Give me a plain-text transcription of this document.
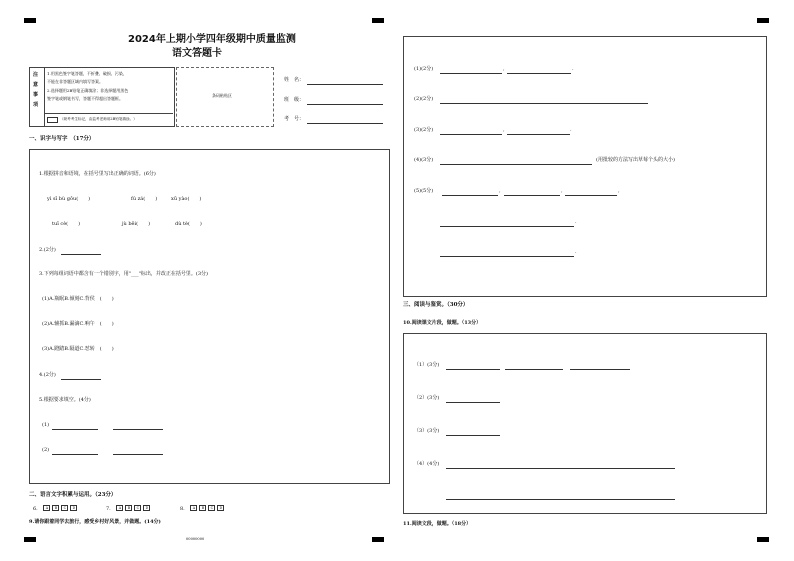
2024年上期小学四年级期中质量监测
语文答题卡
注
意
事
项
1.用黑色签字笔答题，不折叠、破损、污染，
不能在非答题区域内填写答案。
2.选择题用2B铅笔正确填涂；非选择题用黑色
签字笔或钢笔书写，答题不得超出答题框。
（缺考考生标记，由监考老师用2B铅笔填涂。）
条码粘贴区
姓　名：
班　级：
考　号：
一、识字与写字　（17分）
1.根据拼音和语境，在括号里写出正确的词语。(6分)
yì sī bù gǒu(　　)	fú zá(　　)	xū yào(　　)
tuī cè(　　)	jù bēi(　　)	dù tè(　　)
2.(2分)
3.下列每组词语中都含有一个错别字，用"___"标出，并改正在括号里。(3分)
(1)A.瓶眠B.倾刻C.背侯　(　　)
(2)A.辅抓B.漏滴C.响午　(　　)
(3)A.蹬踏B.隔道C.怼转　(　　)
4.(2分)
5.根据要求填空。(4分)
(1)
(2)
二、语言文字积累与运用。（23分）
6. A B C D	7. A B C D	8. A B C D
9.请你跟着同学去旅行，感受乡村好风景，并做题。(14分)
00000000
(1)(2分)	,	.
(2)(2分)
(3)(2分)	,	.
(4)(3分)	(用批较的方法写出草莓个头的大小)
(5)(5分)	,	,	,
.
.
三、阅读与鉴赏。（30分）
10.阅读课文片段，做题。（13分）
（1）(3分)
（2）(3分)
（3）(3分)
（4）(4分)
11.阅读文段，做题。（18分）
